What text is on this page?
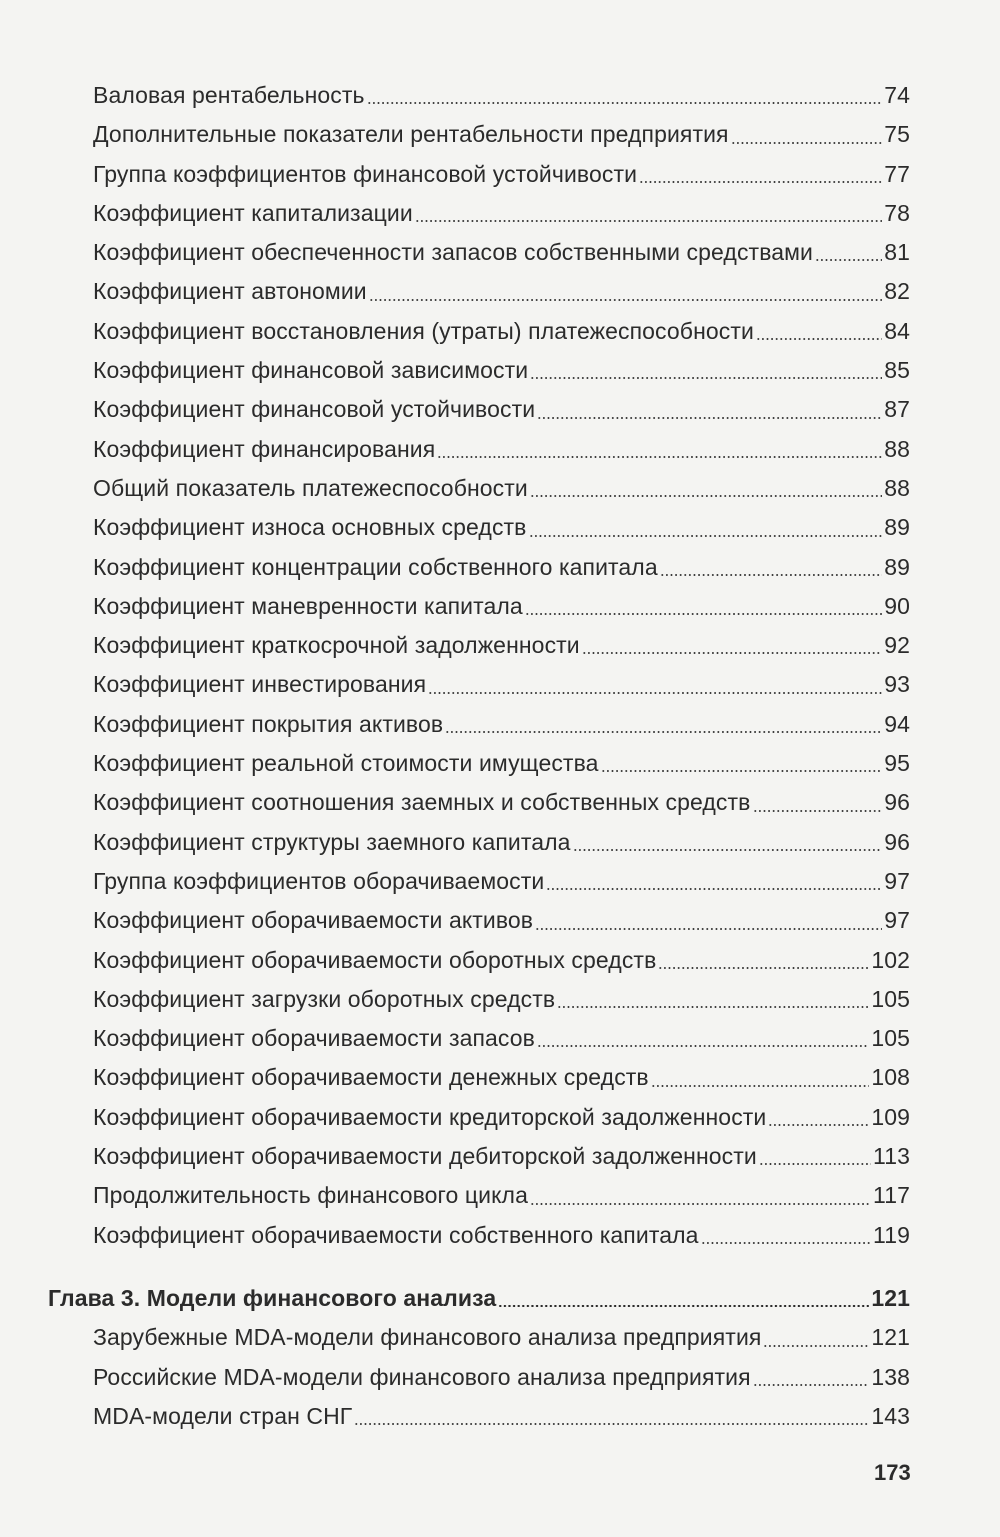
Валовая рентабельность	74
Дополнительные показатели рентабельности предприятия	75
Группа коэффициентов финансовой устойчивости	77
Коэффициент капитализации	78
Коэффициент обеспеченности запасов собственными средствами	81
Коэффициент автономии	82
Коэффициент восстановления (утраты) платежеспособности	84
Коэффициент финансовой зависимости	85
Коэффициент финансовой устойчивости	87
Коэффициент финансирования	88
Общий показатель платежеспособности	88
Коэффициент износа основных средств	89
Коэффициент концентрации собственного капитала	89
Коэффициент маневренности капитала	90
Коэффициент краткосрочной задолженности	92
Коэффициент инвестирования	93
Коэффициент покрытия активов	94
Коэффициент реальной стоимости имущества	95
Коэффициент соотношения заемных и собственных средств	96
Коэффициент структуры заемного капитала	96
Группа коэффициентов оборачиваемости	97
Коэффициент оборачиваемости активов	97
Коэффициент оборачиваемости оборотных средств	102
Коэффициент загрузки оборотных средств	105
Коэффициент оборачиваемости запасов	105
Коэффициент оборачиваемости денежных средств	108
Коэффициент оборачиваемости кредиторской задолженности	109
Коэффициент оборачиваемости дебиторской задолженности	113
Продолжительность финансового цикла	117
Коэффициент оборачиваемости собственного капитала	119
Глава 3. Модели финансового анализа	121
Зарубежные MDA-модели финансового анализа предприятия	121
Российские MDA-модели финансового анализа предприятия	138
MDA-модели стран СНГ	143
173
